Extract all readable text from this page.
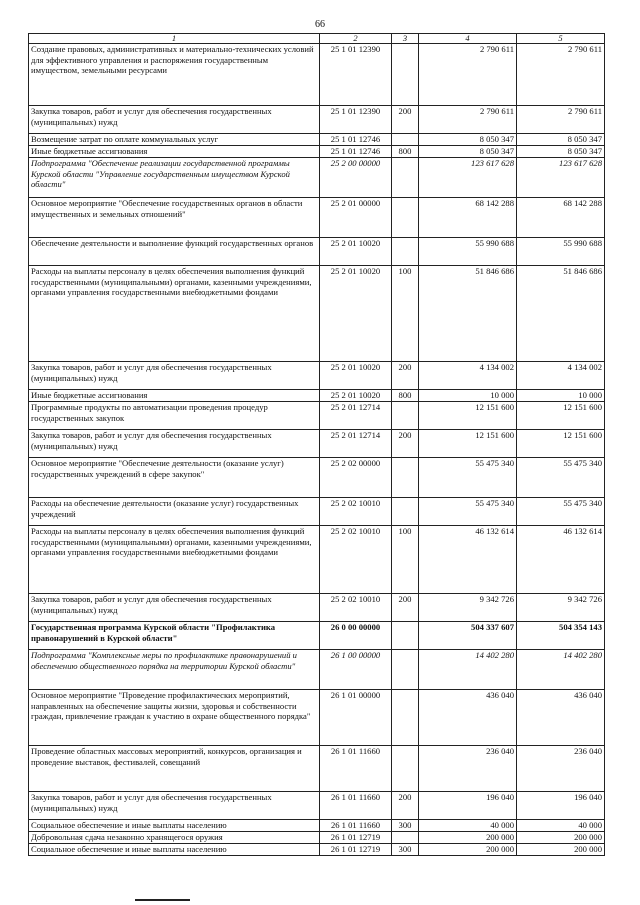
66
1	2	3	4	5
Создание правовых, административных и материально-технических условий для эффективного управления и распоряжения государственным имуществом, земельными ресурсами	25 1 01 12390		2 790 611	2 790 611
Закупка товаров, работ и услуг для обеспечения государственных (муниципальных) нужд	25 1 01 12390	200	2 790 611	2 790 611
Возмещение затрат по оплате коммунальных услуг	25 1 01 12746		8 050 347	8 050 347
Иные бюджетные ассигнования	25 1 01 12746	800	8 050 347	8 050 347
Подпрограмма "Обеспечение реализации государственной программы Курской области "Управление государственным имуществом Курской области"	25 2 00 00000		123 617 628	123 617 628
Основное мероприятие "Обеспечение государственных органов в области имущественных и земельных отношений"	25 2 01 00000		68 142 288	68 142 288
Обеспечение деятельности и выполнение функций государственных органов	25 2 01 10020		55 990 688	55 990 688
Расходы на выплаты персоналу в целях обеспечения выполнения функций государственными (муниципальными) органами, казенными учреждениями, органами управления государственными внебюджетными фондами	25 2 01 10020	100	51 846 686	51 846 686
Закупка товаров, работ и услуг для обеспечения государственных (муниципальных) нужд	25 2 01 10020	200	4 134 002	4 134 002
Иные бюджетные ассигнования	25 2 01 10020	800	10 000	10 000
Программные продукты по автоматизации проведения процедур государственных закупок	25 2 01 12714		12 151 600	12 151 600
Закупка товаров, работ и услуг для обеспечения государственных (муниципальных) нужд	25 2 01 12714	200	12 151 600	12 151 600
Основное мероприятие "Обеспечение деятельности (оказание услуг) государственных учреждений в сфере закупок"	25 2 02 00000		55 475 340	55 475 340
Расходы на обеспечение деятельности (оказание услуг) государственных учреждений	25 2 02 10010		55 475 340	55 475 340
Расходы на выплаты персоналу в целях обеспечения выполнения функций государственными (муниципальными) органами, казенными учреждениями, органами управления государственными внебюджетными фондами	25 2 02 10010	100	46 132 614	46 132 614
Закупка товаров, работ и услуг для обеспечения государственных (муниципальных) нужд	25 2 02 10010	200	9 342 726	9 342 726
Государственная программа Курской области "Профилактика правонарушений в Курской области"	26 0 00 00000		504 337 607	504 354 143
Подпрограмма "Комплексные меры по профилактике правонарушений и обеспечению общественного порядка на территории Курской области"	26 1 00 00000		14 402 280	14 402 280
Основное мероприятие "Проведение профилактических мероприятий, направленных на обеспечение защиты жизни, здоровья и собственности граждан, привлечение граждан к участию в охране общественного порядка"	26 1 01 00000		436 040	436 040
Проведение областных массовых мероприятий, конкурсов, организация и проведение выставок, фестивалей, совещаний	26 1 01 11660		236 040	236 040
Закупка товаров, работ и услуг для обеспечения государственных (муниципальных) нужд	26 1 01 11660	200	196 040	196 040
Социальное обеспечение и иные выплаты населению	26 1 01 11660	300	40 000	40 000
Добровольная сдача незаконно хранящегося оружия	26 1 01 12719		200 000	200 000
Социальное обеспечение и иные выплаты населению	26 1 01 12719	300	200 000	200 000
